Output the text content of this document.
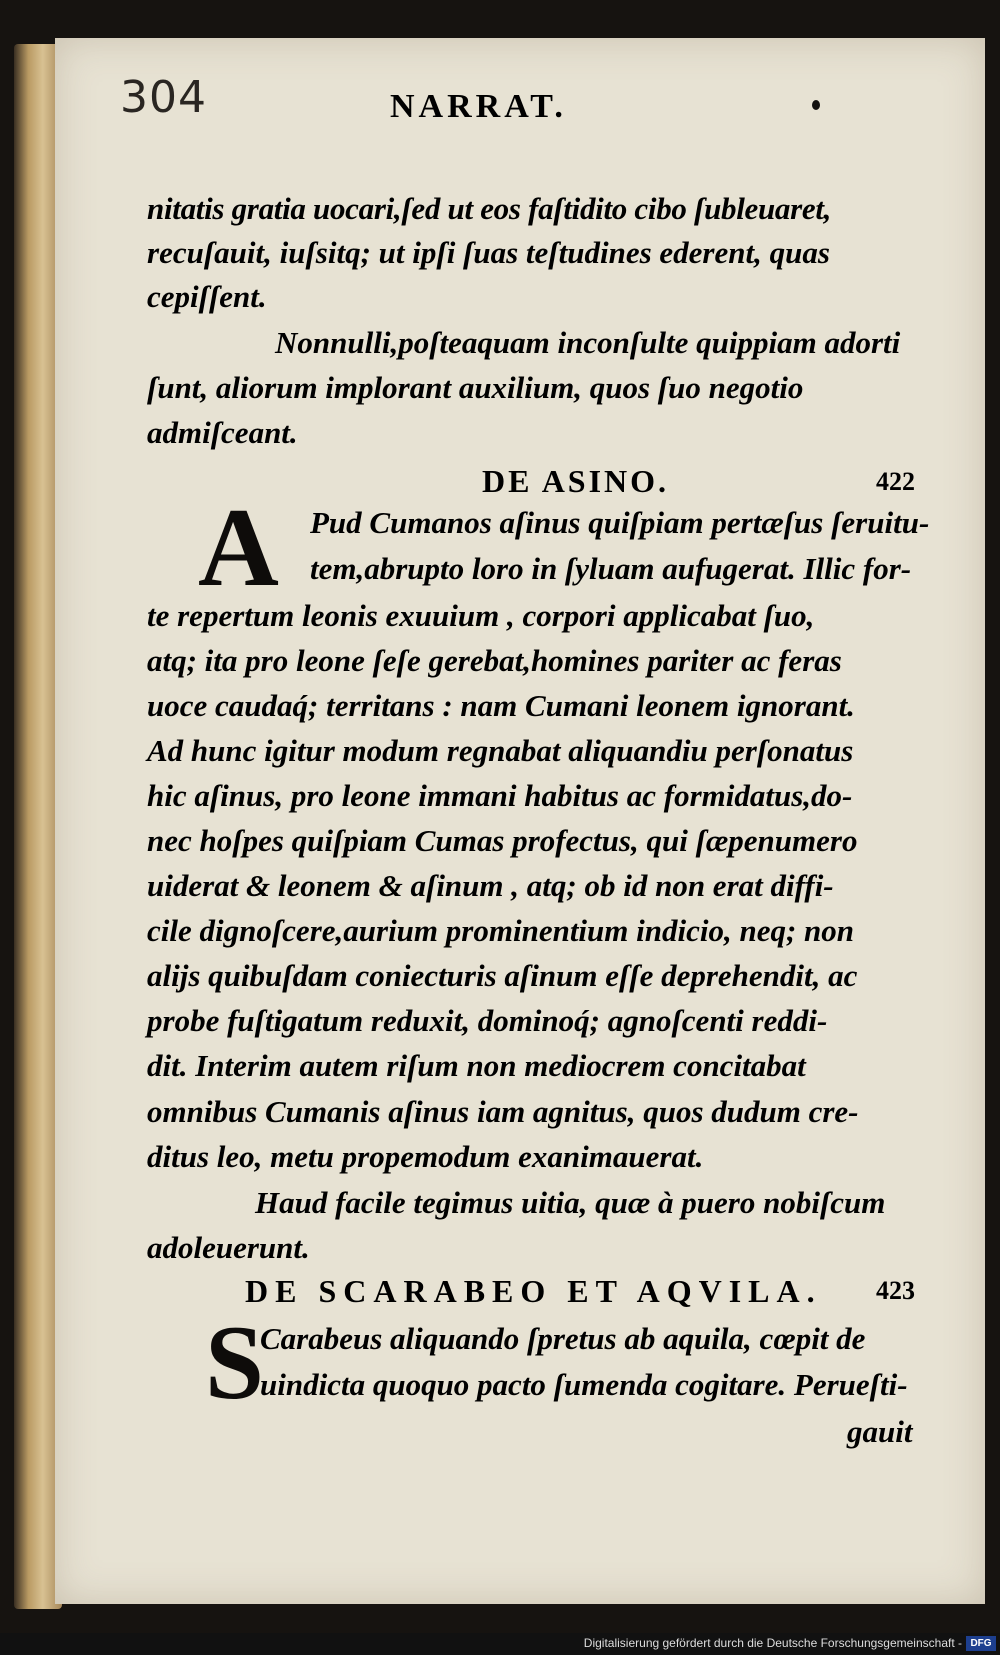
304	NARRAT.
nitatis gratia uocari,ſed ut eos faſtidito cibo ſubleuaret,
recuſauit, iuſsitq; ut ipſi ſuas teſtudines ederent, quas
cepiſſent.
Nonnulli,poſteaquam inconſulte quippiam adorti
ſunt, aliorum implorant auxilium, quos ſuo negotio
admiſceant.
DE ASINO.	422
A Pud Cumanos aſinus quiſpiam pertæſus ſeruitu-
tem,abrupto loro in ſyluam aufugerat. Illic for-
te repertum leonis exuuium , corpori applicabat ſuo,
atq; ita pro leone ſeſe gerebat,homines pariter ac feras
uoce caudaq́; territans : nam Cumani leonem ignorant.
Ad hunc igitur modum regnabat aliquandiu perſonatus
hic aſinus, pro leone immani habitus ac formidatus,do-
nec hoſpes quiſpiam Cumas profectus, qui ſæpenumero
uiderat & leonem & aſinum , atq; ob id non erat diffi-
cile dignoſcere,aurium prominentium indicio, neq; non
alijs quibuſdam coniecturis aſinum eſſe deprehendit, ac
probe fuſtigatum reduxit, dominoq́; agnoſcenti reddi-
dit. Interim autem riſum non mediocrem concitabat
omnibus Cumanis aſinus iam agnitus, quos dudum cre-
ditus leo, metu propemodum exanimauerat.
Haud facile tegimus uitia, quæ à puero nobiſcum
adoleuerunt.
DE SCARABEO ET AQVILA. 423
S
Carabeus aliquando ſpretus ab aquila, cœpit de
uindicta quoquo pacto ſumenda cogitare. Perueſti-
gauit
Digitalisierung gefördert durch die Deutsche Forschungsgemeinschaft - DFG
